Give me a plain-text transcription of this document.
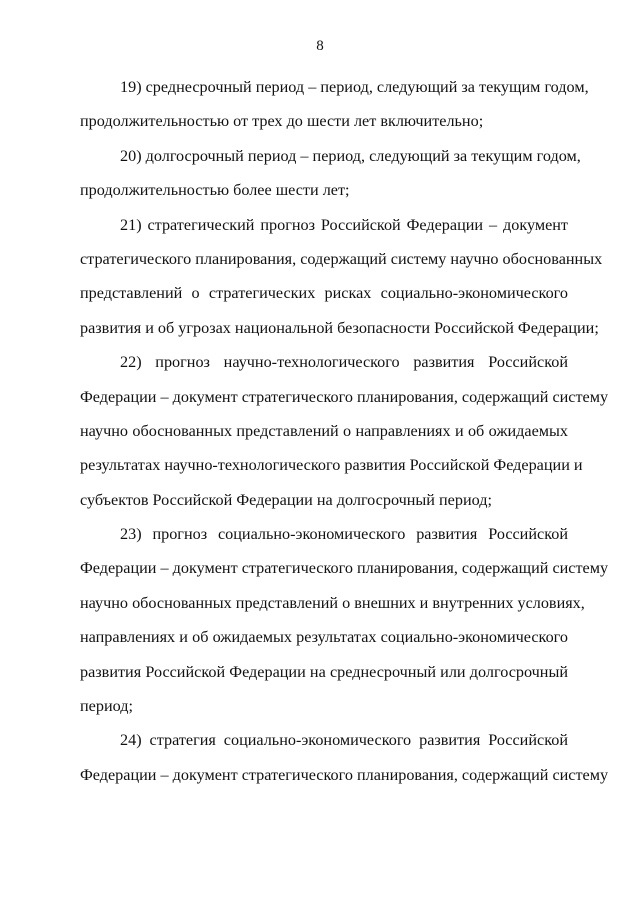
8
19) среднесрочный период – период, следующий за текущим годом,
продолжительностью от трех до шести лет включительно;
20) долгосрочный период – период, следующий за текущим годом,
продолжительностью более шести лет;
21) стратегический прогноз Российской Федерации – документ
стратегического планирования, содержащий систему научно обоснованных
представлений о стратегических рисках социально-экономического
развития и об угрозах национальной безопасности Российской Федерации;
22) прогноз научно-технологического развития Российской
Федерации – документ стратегического планирования, содержащий систему
научно обоснованных представлений о направлениях и об ожидаемых
результатах научно-технологического развития Российской Федерации и
субъектов Российской Федерации на долгосрочный период;
23) прогноз социально-экономического развития Российской
Федерации – документ стратегического планирования, содержащий систему
научно обоснованных представлений о внешних и внутренних условиях,
направлениях и об ожидаемых результатах социально-экономического
развития Российской Федерации на среднесрочный или долгосрочный
период;
24) стратегия социально-экономического развития Российской
Федерации – документ стратегического планирования, содержащий систему
